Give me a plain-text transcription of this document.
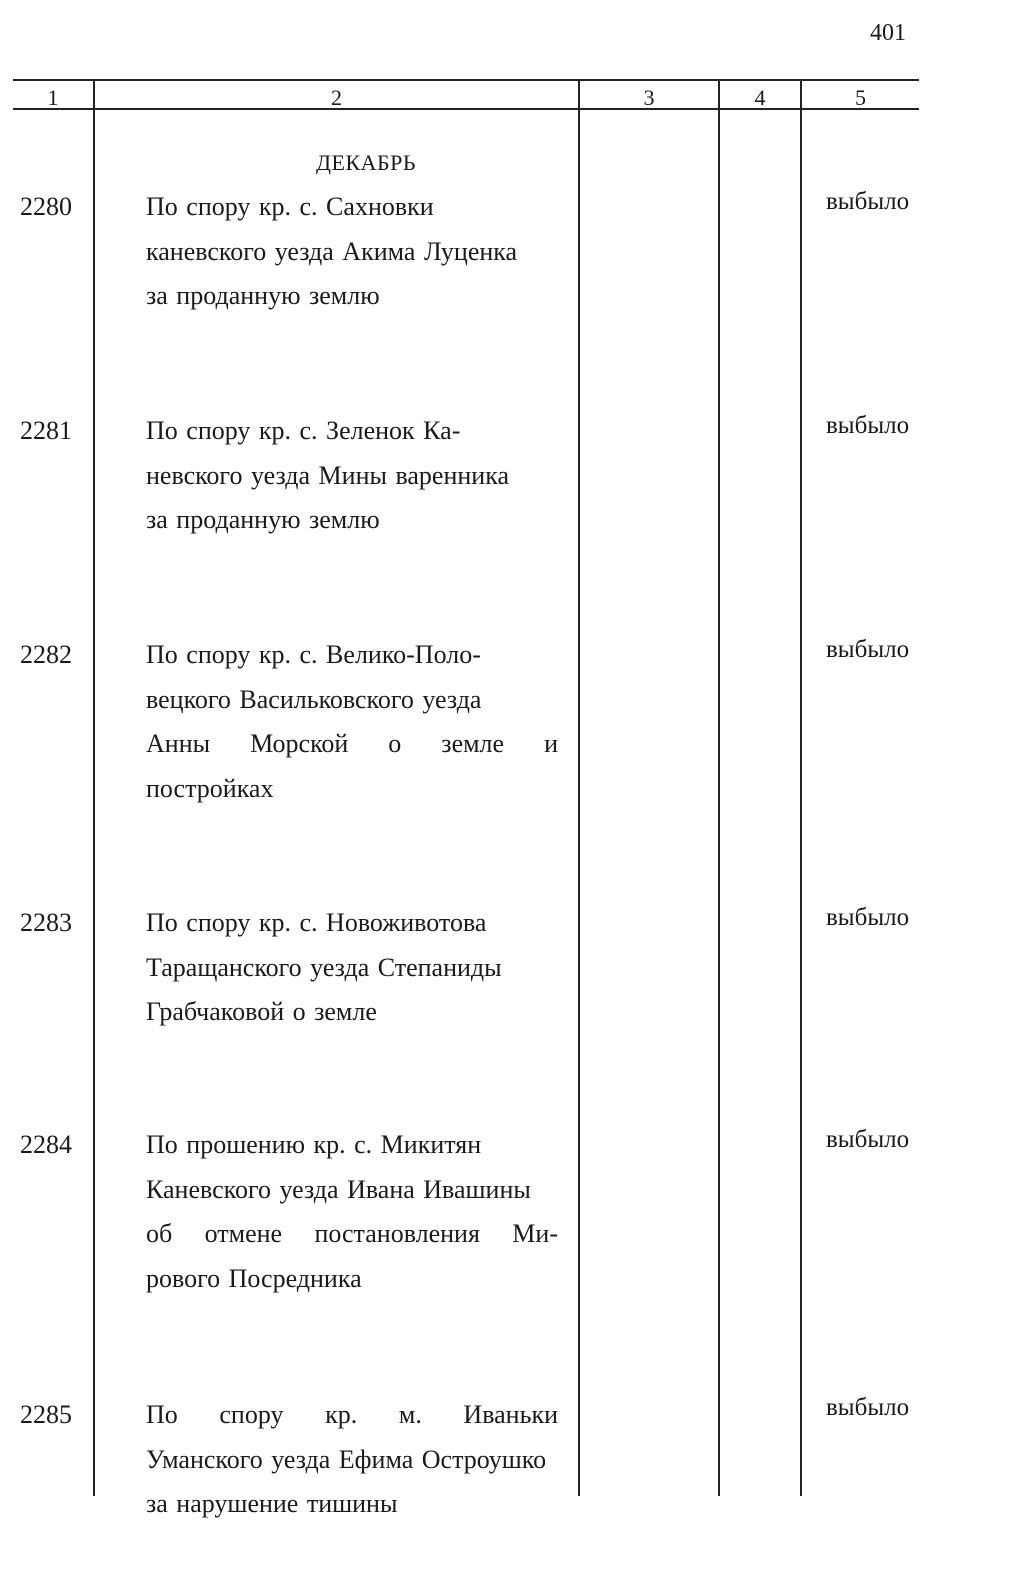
401
1	2	3	4	5
ДЕКАБРЬ
2280	По спору кр. с. Сахновки
каневского уезда Акима Луценка
за проданную землю
выбыло
2281	По спору кр. с. Зеленок Ка-
невского уезда Мины варенника
за проданную землю
выбыло
2282	По спору кр. с. Велико-Поло-
вецкого Васильковского уезда
Анны Морской о земле и
постройках
выбыло
2283	По спору кр. с. Новоживотова
Таращанского уезда Степаниды
Грабчаковой о земле
выбыло
2284	По прошению кр. с. Микитян
Каневского уезда Ивана Ивашины
об отмене постановления Ми-
рового Посредника
выбыло
2285	По спору кр. м. Иваньки
Уманского уезда Ефима Остроушко
за нарушение тишины
выбыло
